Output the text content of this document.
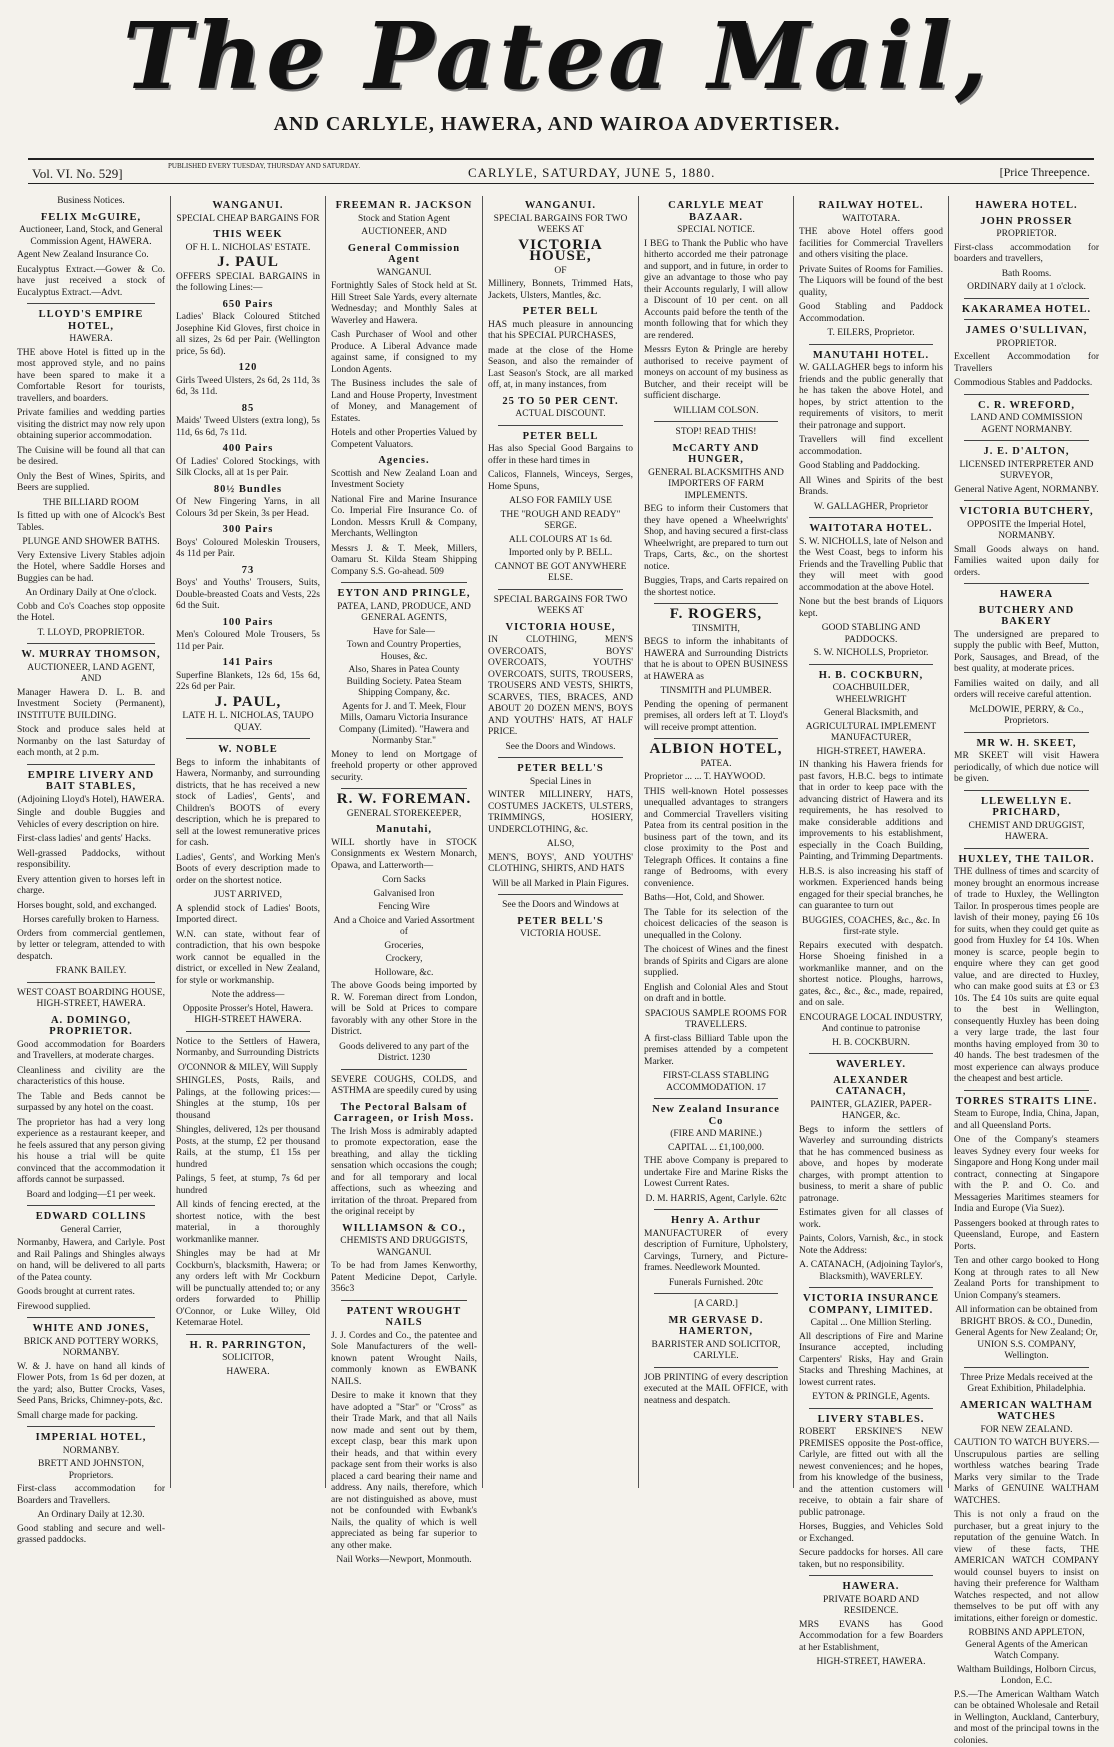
The Patea Mail,
AND CARLYLE, HAWERA, AND WAIROA ADVERTISER.
Vol. VI. No. 529]	PUBLISHED EVERY TUESDAY, THURSDAY AND SATURDAY.	CARLYLE, SATURDAY, JUNE 5, 1880.	[Price Threepence.
Business Notices.
FELIX McGUIRE,
Auctioneer, Land, Stock, and General Commission Agent, HAWERA.
Agent New Zealand Insurance Co.
Eucalyptus Extract.—Gower & Co. have just received a stock of Eucalyptus Extract.—Advt.
LLOYD'S EMPIRE HOTEL,
HAWERA.
THE above Hotel is fitted up in the most approved style, and no pains have been spared to make it a Comfortable Resort for tourists, travellers, and boarders.
Private families and wedding parties visiting the district may now rely upon obtaining superior accommodation.
The Cuisine will be found all that can be desired.
Only the Best of Wines, Spirits, and Beers are supplied.
THE BILLIARD ROOM
Is fitted up with one of Alcock's Best Tables.
PLUNGE AND SHOWER BATHS.
Very Extensive Livery Stables adjoin the Hotel, where Saddle Horses and Buggies can be had.
An Ordinary Daily at One o'clock.
Cobb and Co's Coaches stop opposite the Hotel.
T. LLOYD, PROPRIETOR.
W. MURRAY THOMSON,
AUCTIONEER, LAND AGENT, AND
Manager Hawera D. L. B. and Investment Society (Permanent), INSTITUTE BUILDING.
Stock and produce sales held at Normanby on the last Saturday of each month, at 2 p.m.
EMPIRE LIVERY AND BAIT STABLES,
(Adjoining Lloyd's Hotel), HAWERA.
Single and double Buggies and Vehicles of every description on hire.
First-class ladies' and gents' Hacks.
Well-grassed Paddocks, without responsibility.
Every attention given to horses left in charge.
Horses bought, sold, and exchanged.
Horses carefully broken to Harness.
Orders from commercial gentlemen, by letter or telegram, attended to with despatch.
FRANK BAILEY.
WEST COAST BOARDING HOUSE, HIGH-STREET, HAWERA.
A. DOMINGO, PROPRIETOR.
Good accommodation for Boarders and Travellers, at moderate charges.
Cleanliness and civility are the characteristics of this house.
The Table and Beds cannot be surpassed by any hotel on the coast.
The proprietor has had a very long experience as a restaurant keeper, and he feels assured that any person giving his house a trial will be quite convinced that the accommodation it affords cannot be surpassed.
Board and lodging—£1 per week.
EDWARD COLLINS
General Carrier,
Normanby, Hawera, and Carlyle. Post and Rail Palings and Shingles always on hand, will be delivered to all parts of the Patea county.
Goods brought at current rates.
Firewood supplied.
WHITE AND JONES,
BRICK AND POTTERY WORKS, NORMANBY.
W. & J. have on hand all kinds of Flower Pots, from 1s 6d per dozen, at the yard; also, Butter Crocks, Vases, Seed Pans, Bricks, Chimney-pots, &c.
Small charge made for packing.
IMPERIAL HOTEL,
NORMANBY.
BRETT AND JOHNSTON, Proprietors.
First-class accommodation for Boarders and Travellers.
An Ordinary Daily at 12.30.
Good stabling and secure and well-grassed paddocks.
WANGANUI.
SPECIAL CHEAP BARGAINS FOR
THIS WEEK
OF H. L. NICHOLAS' ESTATE.
J. PAUL
OFFERS SPECIAL BARGAINS in the following Lines:—
650 Pairs
Ladies' Black Coloured Stitched Josephine Kid Gloves, first choice in all sizes, 2s 6d per Pair. (Wellington price, 5s 6d).
120
Girls Tweed Ulsters, 2s 6d, 2s 11d, 3s 6d, 3s 11d.
85
Maids' Tweed Ulsters (extra long), 5s 11d, 6s 6d, 7s 11d.
400 Pairs
Of Ladies' Colored Stockings, with Silk Clocks, all at 1s per Pair.
80½ Bundles
Of New Fingering Yarns, in all Colours 3d per Skein, 3s per Head.
300 Pairs
Boys' Coloured Moleskin Trousers, 4s 11d per Pair.
73
Boys' and Youths' Trousers, Suits, Double-breasted Coats and Vests, 22s 6d the Suit.
100 Pairs
Men's Coloured Mole Trousers, 5s 11d per Pair.
141 Pairs
Superfine Blankets, 12s 6d, 15s 6d, 22s 6d per Pair.
J. PAUL,
LATE H. L. NICHOLAS, TAUPO QUAY.
W. NOBLE
Begs to inform the inhabitants of Hawera, Normanby, and surrounding districts, that he has received a new stock of Ladies', Gents', and Children's BOOTS of every description, which he is prepared to sell at the lowest remunerative prices for cash.
Ladies', Gents', and Working Men's Boots of every description made to order on the shortest notice.
JUST ARRIVED,
A splendid stock of Ladies' Boots, Imported direct.
W.N. can state, without fear of contradiction, that his own bespoke work cannot be equalled in the district, or excelled in New Zealand, for style or workmanship.
Note the address—
Opposite Prosser's Hotel, Hawera. HIGH-STREET HAWERA.
Notice to the Settlers of Hawera, Normanby, and Surrounding Districts
O'CONNOR & MILEY, Will Supply
SHINGLES, Posts, Rails, and Palings, at the following prices:—Shingles at the stump, 10s per thousand
Shingles, delivered, 12s per thousand Posts, at the stump, £2 per thousand Rails, at the stump, £1 15s per hundred
Palings, 5 feet, at stump, 7s 6d per hundred
All kinds of fencing erected, at the shortest notice, with the best material, in a thoroughly workmanlike manner.
Shingles may be had at Mr Cockburn's, blacksmith, Hawera; or any orders left with Mr Cockburn will be punctually attended to; or any orders forwarded to Phillip O'Connor, or Luke Willey, Old Ketemarae Hotel.
H. R. PARRINGTON,
SOLICITOR,
HAWERA.
FREEMAN R. JACKSON
Stock and Station Agent
AUCTIONEER, AND
General Commission Agent
WANGANUI.
Fortnightly Sales of Stock held at St. Hill Street Sale Yards, every alternate Wednesday; and Monthly Sales at Waverley and Hawera.
Cash Purchaser of Wool and other Produce. A Liberal Advance made against same, if consigned to my London Agents.
The Business includes the sale of Land and House Property, Investment of Money, and Management of Estates.
Hotels and other Properties Valued by Competent Valuators.
Agencies.
Scottish and New Zealand Loan and Investment Society
National Fire and Marine Insurance Co. Imperial Fire Insurance Co. of London. Messrs Krull & Company, Merchants, Wellington
Messrs J. & T. Meek, Millers, Oamaru St. Kilda Steam Shipping Company S.S. Go-ahead. 509
EYTON AND PRINGLE,
PATEA, LAND, PRODUCE, AND GENERAL AGENTS,
Have for Sale—
Town and Country Properties, Houses, &c.
Also, Shares in Patea County Building Society. Patea Steam Shipping Company, &c.
Agents for J. and T. Meek, Flour Mills, Oamaru Victoria Insurance Company (Limited). "Hawera and Normanby Star."
Money to lend on Mortgage of freehold property or other approved security.
R. W. FOREMAN.
GENERAL STOREKEEPER,
Manutahi,
WILL shortly have in STOCK Consignments ex Western Monarch, Opawa, and Latterworth—
Corn Sacks
Galvanised Iron
Fencing Wire
And a Choice and Varied Assortment of
Groceries,
Crockery,
Holloware, &c.
The above Goods being imported by R. W. Foreman direct from London, will be Sold at Prices to compare favorably with any other Store in the District.
Goods delivered to any part of the District. 1230
SEVERE COUGHS, COLDS, and ASTHMA are speedily cured by using
The Pectoral Balsam of Carrageen, or Irish Moss.
The Irish Moss is admirably adapted to promote expectoration, ease the breathing, and allay the tickling sensation which occasions the cough; and for all temporary and local affections, such as wheezing and irritation of the throat. Prepared from the original receipt by
WILLIAMSON & CO.,
CHEMISTS AND DRUGGISTS, WANGANUI.
To be had from James Kenworthy, Patent Medicine Depot, Carlyle. 356c3
PATENT WROUGHT NAILS
J. J. Cordes and Co., the patentee and Sole Manufacturers of the well-known patent Wrought Nails, commonly known as EWBANK NAILS.
Desire to make it known that they have adopted a "Star" or "Cross" as their Trade Mark, and that all Nails now made and sent out by them, except clasp, bear this mark upon their heads, and that within every package sent from their works is also placed a card bearing their name and address. Any nails, therefore, which are not distinguished as above, must not be confounded with Ewbank's Nails, the quality of which is well appreciated as being far superior to any other make.
Nail Works—Newport, Monmouth.
WANGANUI.
SPECIAL BARGAINS FOR TWO WEEKS AT
VICTORIA HOUSE,
OF
Millinery, Bonnets, Trimmed Hats, Jackets, Ulsters, Mantles, &c.
PETER BELL
HAS much pleasure in announcing that his SPECIAL PURCHASES,
made at the close of the Home Season, and also the remainder of Last Season's Stock, are all marked off, at, in many instances, from
25 TO 50 PER CENT.
ACTUAL DISCOUNT.
PETER BELL
Has also Special Good Bargains to offer in these hard times in
Calicos, Flannels, Winceys, Serges, Home Spuns,
ALSO FOR FAMILY USE
THE "ROUGH AND READY" SERGE.
ALL COLOURS AT 1s 6d.
Imported only by P. BELL.
CANNOT BE GOT ANYWHERE ELSE.
SPECIAL BARGAINS FOR TWO WEEKS AT
VICTORIA HOUSE,
IN CLOTHING, MEN'S OVERCOATS, BOYS' OVERCOATS, YOUTHS' OVERCOATS, SUITS, TROUSERS, TROUSERS AND VESTS, SHIRTS, SCARVES, TIES, BRACES, AND ABOUT 20 DOZEN MEN'S, BOYS AND YOUTHS' HATS, AT HALF PRICE.
See the Doors and Windows.
PETER BELL'S
Special Lines in
WINTER MILLINERY, HATS, COSTUMES JACKETS, ULSTERS, TRIMMINGS, HOSIERY, UNDERCLOTHING, &c.
ALSO,
MEN'S, BOYS', AND YOUTHS' CLOTHING, SHIRTS, AND HATS
Will be all Marked in Plain Figures.
See the Doors and Windows at
PETER BELL'S
VICTORIA HOUSE.
CARLYLE MEAT BAZAAR.
SPECIAL NOTICE.
I BEG to Thank the Public who have hitherto accorded me their patronage and support, and in future, in order to give an advantage to those who pay their Accounts regularly, I will allow a Discount of 10 per cent. on all Accounts paid before the tenth of the month following that for which they are rendered.
Messrs Eyton & Pringle are hereby authorised to receive payment of moneys on account of my business as Butcher, and their receipt will be sufficient discharge.
WILLIAM COLSON.
STOP! READ THIS!
McCARTY AND HUNGER,
GENERAL BLACKSMITHS AND IMPORTERS OF FARM IMPLEMENTS.
BEG to inform their Customers that they have opened a Wheelwrights' Shop, and having secured a first-class Wheelwright, are prepared to turn out Traps, Carts, &c., on the shortest notice.
Buggies, Traps, and Carts repaired on the shortest notice.
F. ROGERS,
TINSMITH,
BEGS to inform the inhabitants of HAWERA and Surrounding Districts that he is about to OPEN BUSINESS at HAWERA as
TINSMITH and PLUMBER.
Pending the opening of permanent premises, all orders left at T. Lloyd's will receive prompt attention.
ALBION HOTEL,
PATEA.
Proprietor ... ... T. HAYWOOD.
THIS well-known Hotel possesses unequalled advantages to strangers and Commercial Travellers visiting Patea from its central position in the business part of the town, and its close proximity to the Post and Telegraph Offices. It contains a fine range of Bedrooms, with every convenience.
Baths—Hot, Cold, and Shower.
The Table for its selection of the choicest delicacies of the season is unequalled in the Colony.
The choicest of Wines and the finest brands of Spirits and Cigars are alone supplied.
English and Colonial Ales and Stout on draft and in bottle.
SPACIOUS SAMPLE ROOMS FOR TRAVELLERS.
A first-class Billiard Table upon the premises attended by a competent Marker.
FIRST-CLASS STABLING ACCOMMODATION. 17
New Zealand Insurance Co
(FIRE AND MARINE.)
CAPITAL ... £1,100,000.
THE above Company is prepared to undertake Fire and Marine Risks the Lowest Current Rates.
D. M. HARRIS, Agent, Carlyle. 62tc
Henry A. Arthur
MANUFACTURER of every description of Furniture, Upholstery, Carvings, Turnery, and Picture-frames. Needlework Mounted.
Funerals Furnished. 20tc
[A CARD.]
MR GERVASE D. HAMERTON,
BARRISTER AND SOLICITOR, CARLYLE.
JOB PRINTING of every description executed at the MAIL OFFICE, with neatness and despatch.
RAILWAY HOTEL.
WAITOTARA.
THE above Hotel offers good facilities for Commercial Travellers and others visiting the place.
Private Suites of Rooms for Families. The Liquors will be found of the best quality,
Good Stabling and Paddock Accommodation.
T. EILERS, Proprietor.
MANUTAHI HOTEL.
W. GALLAGHER begs to inform his friends and the public generally that he has taken the above Hotel, and hopes, by strict attention to the requirements of visitors, to merit their patronage and support.
Travellers will find excellent accommodation.
Good Stabling and Paddocking.
All Wines and Spirits of the best Brands.
W. GALLAGHER, Proprietor
WAITOTARA HOTEL.
S. W. NICHOLLS, late of Nelson and the West Coast, begs to inform his Friends and the Travelling Public that they will meet with good accommodation at the above Hotel.
None but the best brands of Liquors kept.
GOOD STABLING AND PADDOCKS.
S. W. NICHOLLS, Proprietor.
H. B. COCKBURN,
COACHBUILDER, WHEELWRIGHT
General Blacksmith, and
AGRICULTURAL IMPLEMENT MANUFACTURER,
HIGH-STREET, HAWERA.
IN thanking his Hawera friends for past favors, H.B.C. begs to intimate that in order to keep pace with the advancing district of Hawera and its requirements, he has resolved to make considerable additions and improvements to his establishment, especially in the Coach Building, Painting, and Trimming Departments.
H.B.S. is also increasing his staff of workmen. Experienced hands being engaged for their special branches, he can guarantee to turn out
BUGGIES, COACHES, &c., &c. In first-rate style.
Repairs executed with despatch. Horse Shoeing finished in a workmanlike manner, and on the shortest notice. Ploughs, harrows, gates, &c., &c., &c., made, repaired, and on sale.
ENCOURAGE LOCAL INDUSTRY, And continue to patronise
H. B. COCKBURN.
WAVERLEY.
ALEXANDER CATANACH,
PAINTER, GLAZIER, PAPER-HANGER, &c.
Begs to inform the settlers of Waverley and surrounding districts that he has commenced business as above, and hopes by moderate charges, with prompt attention to business, to merit a share of public patronage.
Estimates given for all classes of work.
Paints, Colors, Varnish, &c., in stock Note the Address:
A. CATANACH, (Adjoining Taylor's, Blacksmith), WAVERLEY.
VICTORIA INSURANCE COMPANY, LIMITED.
Capital ... One Million Sterling.
All descriptions of Fire and Marine Insurance accepted, including Carpenters' Risks, Hay and Grain Stacks and Threshing Machines, at lowest current rates.
EYTON & PRINGLE, Agents.
LIVERY STABLES.
ROBERT ERSKINE'S NEW PREMISES opposite the Post-office, Carlyle, are fitted out with all the newest conveniences; and he hopes, from his knowledge of the business, and the attention customers will receive, to obtain a fair share of public patronage.
Horses, Buggies, and Vehicles Sold or Exchanged.
Secure paddocks for horses. All care taken, but no responsibility.
HAWERA.
PRIVATE BOARD AND RESIDENCE.
MRS EVANS has Good Accommodation for a few Boarders at her Establishment,
HIGH-STREET, HAWERA.
HAWERA HOTEL.
JOHN PROSSER
PROPRIETOR.
First-class accommodation for boarders and travellers,
Bath Rooms.
ORDINARY daily at 1 o'clock.
KAKARAMEA HOTEL.
JAMES O'SULLIVAN,
PROPRIETOR.
Excellent Accommodation for Travellers
Commodious Stables and Paddocks.
C. R. WREFORD,
LAND AND COMMISSION AGENT NORMANBY.
J. E. D'ALTON,
LICENSED INTERPRETER AND SURVEYOR,
General Native Agent, NORMANBY.
VICTORIA BUTCHERY,
OPPOSITE the Imperial Hotel, NORMANBY.
Small Goods always on hand. Families waited upon daily for orders.
HAWERA
BUTCHERY AND BAKERY
The undersigned are prepared to supply the public with Beef, Mutton, Pork, Sausages, and Bread, of the best quality, at moderate prices.
Families waited on daily, and all orders will receive careful attention.
McLDOWIE, PERRY, & Co., Proprietors.
MR W. H. SKEET,
MR SKEET will visit Hawera periodically, of which due notice will be given.
LLEWELLYN E. PRICHARD,
CHEMIST AND DRUGGIST, HAWERA.
HUXLEY, THE TAILOR.
THE dullness of times and scarcity of money brought an enormous increase of trade to Huxley, the Wellington Tailor. In prosperous times people are lavish of their money, paying £6 10s for suits, when they could get quite as good from Huxley for £4 10s. When money is scarce, people begin to enquire where they can get good value, and are directed to Huxley, who can make good suits at £3 or £3 10s. The £4 10s suits are quite equal to the best in Wellington, consequently Huxley has been doing a very large trade, the last four months having employed from 30 to 40 hands. The best tradesmen of the most experience can always produce the cheapest and best article.
TORRES STRAITS LINE.
Steam to Europe, India, China, Japan, and all Queensland Ports.
One of the Company's steamers leaves Sydney every four weeks for Singapore and Hong Kong under mail contract, connecting at Singapore with the P. and O. Co. and Messageries Maritimes steamers for India and Europe (Via Suez).
Passengers booked at through rates to Queensland, Europe, and Eastern Ports.
Ten and other cargo booked to Hong Kong at through rates to all New Zealand Ports for transhipment to Union Company's steamers.
All information can be obtained from BRIGHT BROS. & CO., Dunedin, General Agents for New Zealand; Or, UNION S.S. COMPANY, Wellington.
Three Prize Medals received at the Great Exhibition, Philadelphia.
AMERICAN WALTHAM WATCHES
FOR NEW ZEALAND.
CAUTION TO WATCH BUYERS.—Unscrupulous parties are selling worthless watches bearing Trade Marks very similar to the Trade Marks of GENUINE WALTHAM WATCHES.
This is not only a fraud on the purchaser, but a great injury to the reputation of the genuine Watch. In view of these facts, THE AMERICAN WATCH COMPANY would counsel buyers to insist on having their preference for Waltham Watches respected, and not allow themselves to be put off with any imitations, either foreign or domestic.
ROBBINS AND APPLETON, General Agents of the American Watch Company.
Waltham Buildings, Holborn Circus, London, E.C.
P.S.—The American Waltham Watch can be obtained Wholesale and Retail in Wellington, Auckland, Canterbury, and most of the principal towns in the colonies.
